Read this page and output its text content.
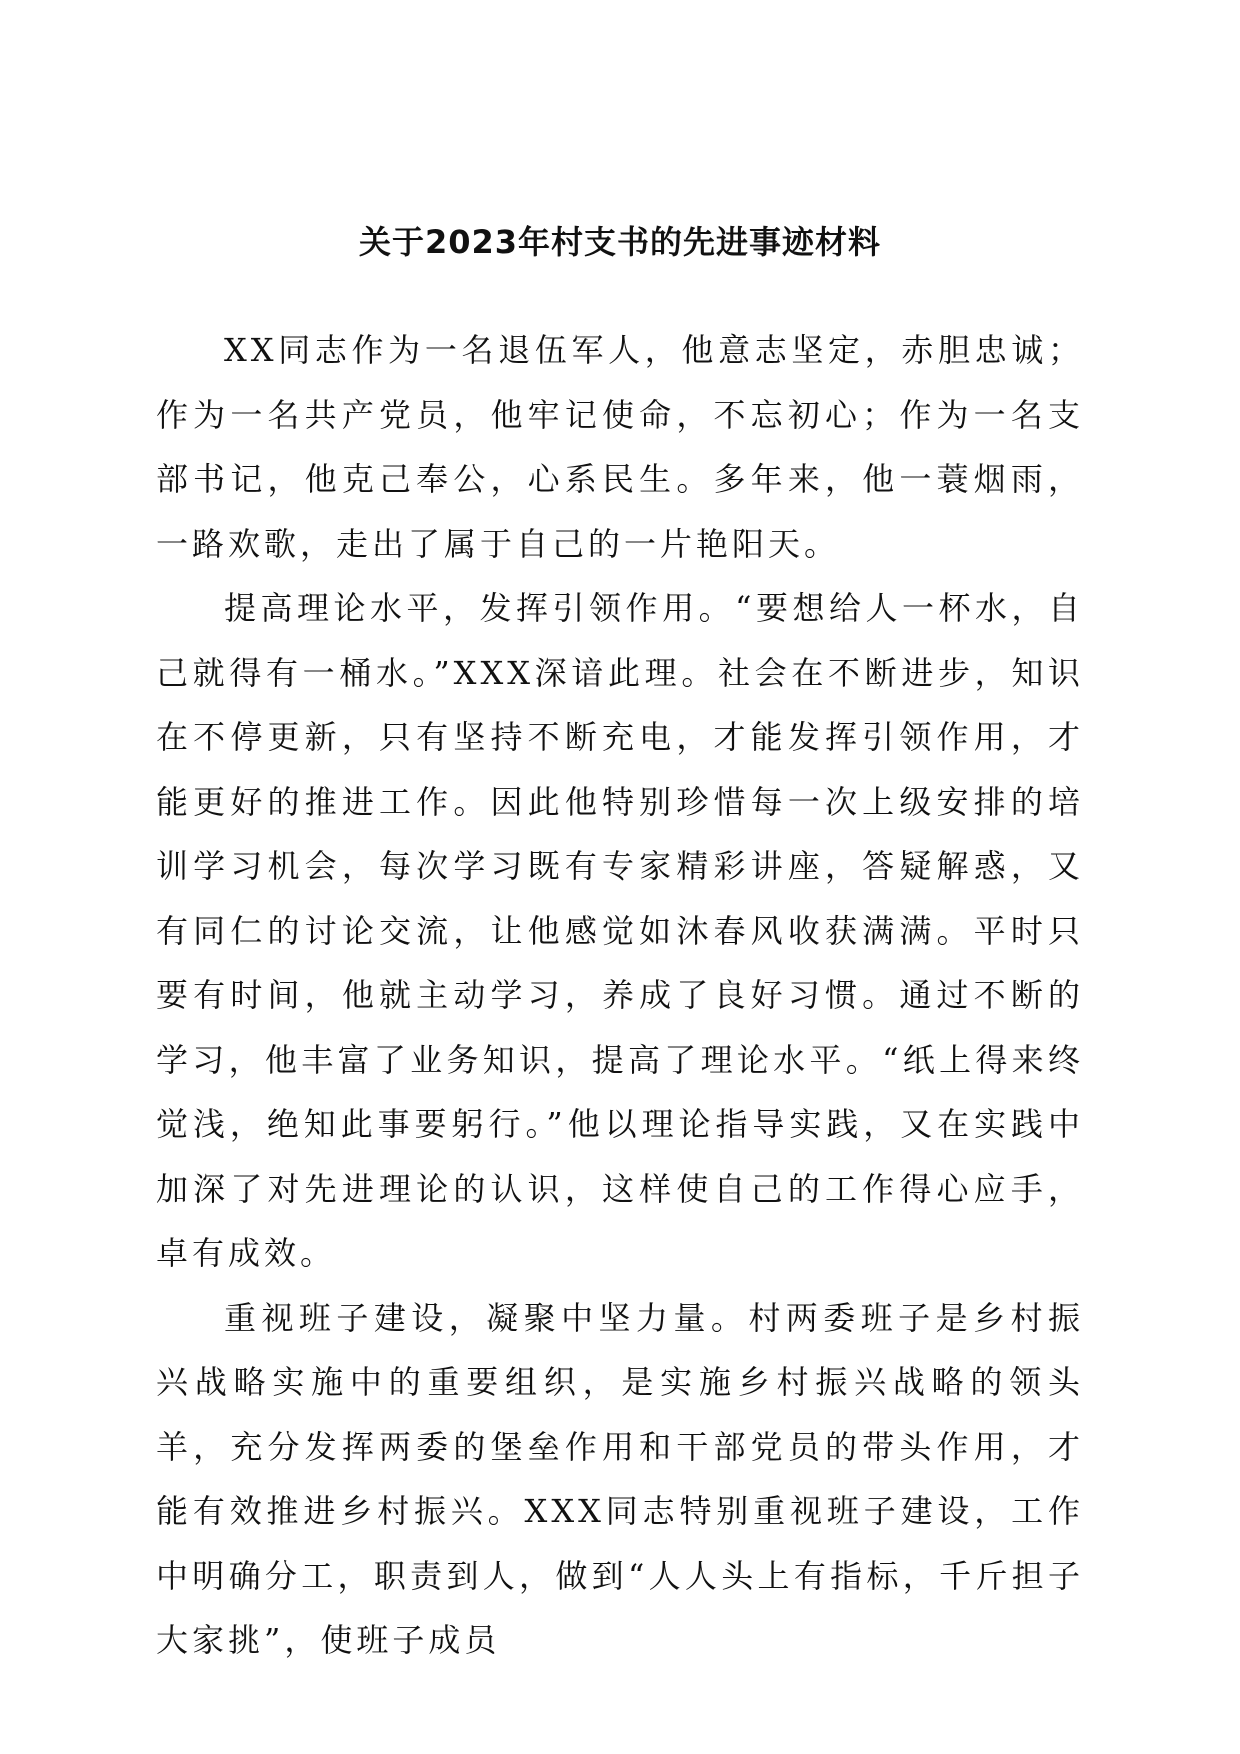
关于2023年村支书的先进事迹材料

XX同志作为一名退伍军人，他意志坚定，赤胆忠诚；作为一名共产党员，他牢记使命，不忘初心；作为一名支部书记，他克己奉公，心系民生。多年来，他一蓑烟雨，一路欢歌，走出了属于自己的一片艳阳天。

提高理论水平，发挥引领作用。“要想给人一杯水，自己就得有一桶水。”XXX深谙此理。社会在不断进步，知识在不停更新，只有坚持不断充电，才能发挥引领作用，才能更好的推进工作。因此他特别珍惜每一次上级安排的培训学习机会，每次学习既有专家精彩讲座，答疑解惑，又有同仁的讨论交流，让他感觉如沐春风收获满满。平时只要有时间，他就主动学习，养成了良好习惯。通过不断的学习，他丰富了业务知识，提高了理论水平。“纸上得来终觉浅，绝知此事要躬行。”他以理论指导实践，又在实践中加深了对先进理论的认识，这样使自己的工作得心应手，卓有成效。

重视班子建设，凝聚中坚力量。村两委班子是乡村振兴战略实施中的重要组织，是实施乡村振兴战略的领头羊，充分发挥两委的堡垒作用和干部党员的带头作用，才能有效推进乡村振兴。XXX同志特别重视班子建设，工作中明确分工，职责到人，做到“人人头上有指标，千斤担子大家挑”，使班子成员
